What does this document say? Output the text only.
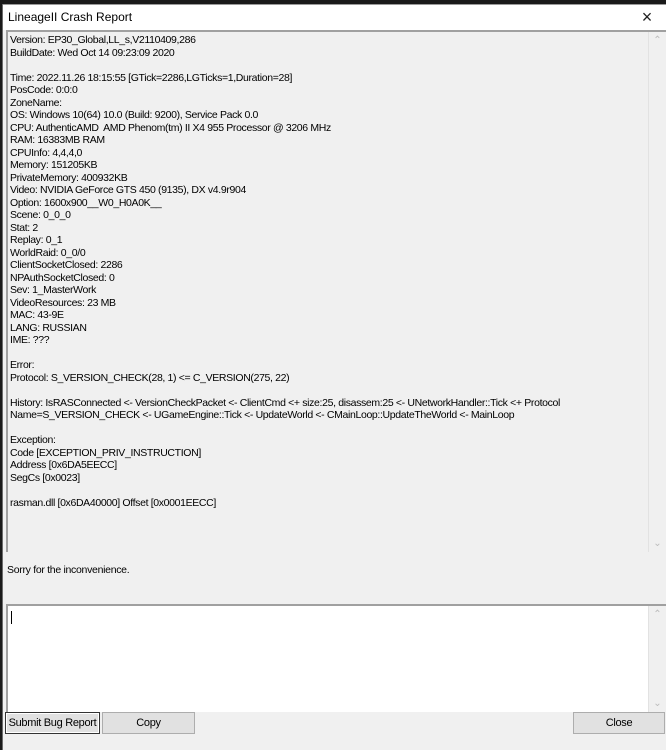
LineageII Crash Report	×
Version: EP30_Global,LL_s,V2110409,286
BuildDate: Wed Oct 14 09:23:09 2020

Time: 2022.11.26 18:15:55 [GTick=2286,LGTicks=1,Duration=28]
PosCode: 0:0:0
ZoneName:
OS: Windows 10(64) 10.0 (Build: 9200), Service Pack 0.0
CPU: AuthenticAMD  AMD Phenom(tm) II X4 955 Processor @ 3206 MHz
RAM: 16383MB RAM
CPUInfo: 4,4,4,0
Memory: 151205KB
PrivateMemory: 400932KB
Video: NVIDIA GeForce GTS 450 (9135), DX v4.9r904
Option: 1600x900__W0_H0A0K__
Scene: 0_0_0
Stat: 2
Replay: 0_1
WorldRaid: 0_0/0
ClientSocketClosed: 2286
NPAuthSocketClosed: 0
Sev: 1_MasterWork
VideoResources: 23 MB
MAC: 43-9E
LANG: RUSSIAN
IME: ???

Error:
Protocol: S_VERSION_CHECK(28, 1) <= C_VERSION(275, 22)

History: IsRASConnected <- VersionCheckPacket <- ClientCmd <+ size:25, disassem:25 <- UNetworkHandler::Tick <+ Protocol
Name=S_VERSION_CHECK <- UGameEngine::Tick <- UpdateWorld <- CMainLoop::UpdateTheWorld <- MainLoop

Exception:
Code [EXCEPTION_PRIV_INSTRUCTION]
Address [0x6DA5EECC]
SegCs [0x0023]

rasman.dll [0x6DA40000] Offset [0x0001EECC]
⌃
⌄
Sorry for the inconvenience.
⌃
⌄
Submit Bug Report	Copy	Close
